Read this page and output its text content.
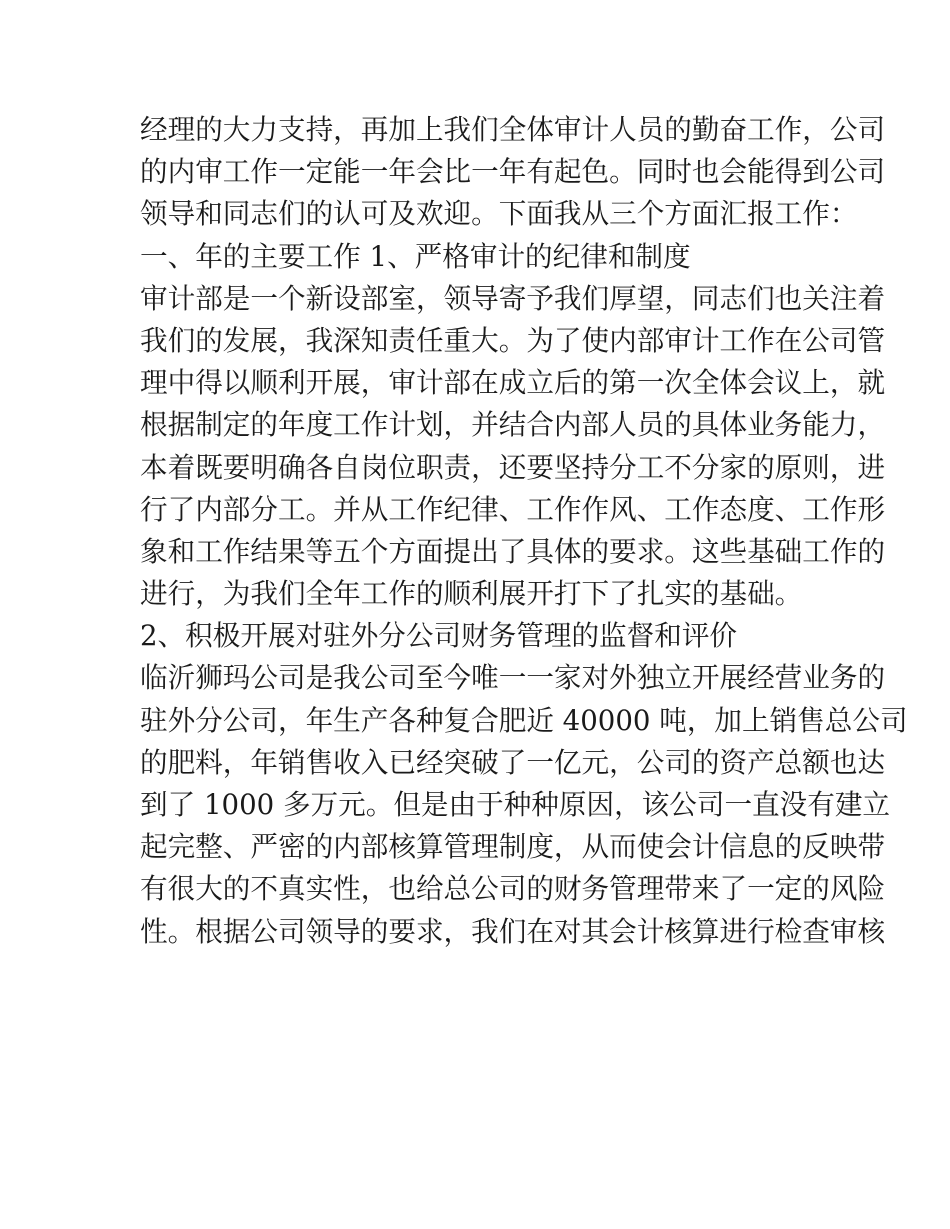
经理的大力支持，再加上我们全体审计人员的勤奋工作，公司
的内审工作一定能一年会比一年有起色。同时也会能得到公司
领导和同志们的认可及欢迎。下面我从三个方面汇报工作：
一、年的主要工作 1、严格审计的纪律和制度
审计部是一个新设部室，领导寄予我们厚望，同志们也关注着
我们的发展，我深知责任重大。为了使内部审计工作在公司管
理中得以顺利开展，审计部在成立后的第一次全体会议上，就
根据制定的年度工作计划，并结合内部人员的具体业务能力，
本着既要明确各自岗位职责，还要坚持分工不分家的原则，进
行了内部分工。并从工作纪律、工作作风、工作态度、工作形
象和工作结果等五个方面提出了具体的要求。这些基础工作的
进行，为我们全年工作的顺利展开打下了扎实的基础。
2、积极开展对驻外分公司财务管理的监督和评价
临沂狮玛公司是我公司至今唯一一家对外独立开展经营业务的
驻外分公司，年生产各种复合肥近 40000 吨，加上销售总公司
的肥料，年销售收入已经突破了一亿元，公司的资产总额也达
到了 1000 多万元。但是由于种种原因，该公司一直没有建立
起完整、严密的内部核算管理制度，从而使会计信息的反映带
有很大的不真实性，也给总公司的财务管理带来了一定的风险
性。根据公司领导的要求，我们在对其会计核算进行检查审核
